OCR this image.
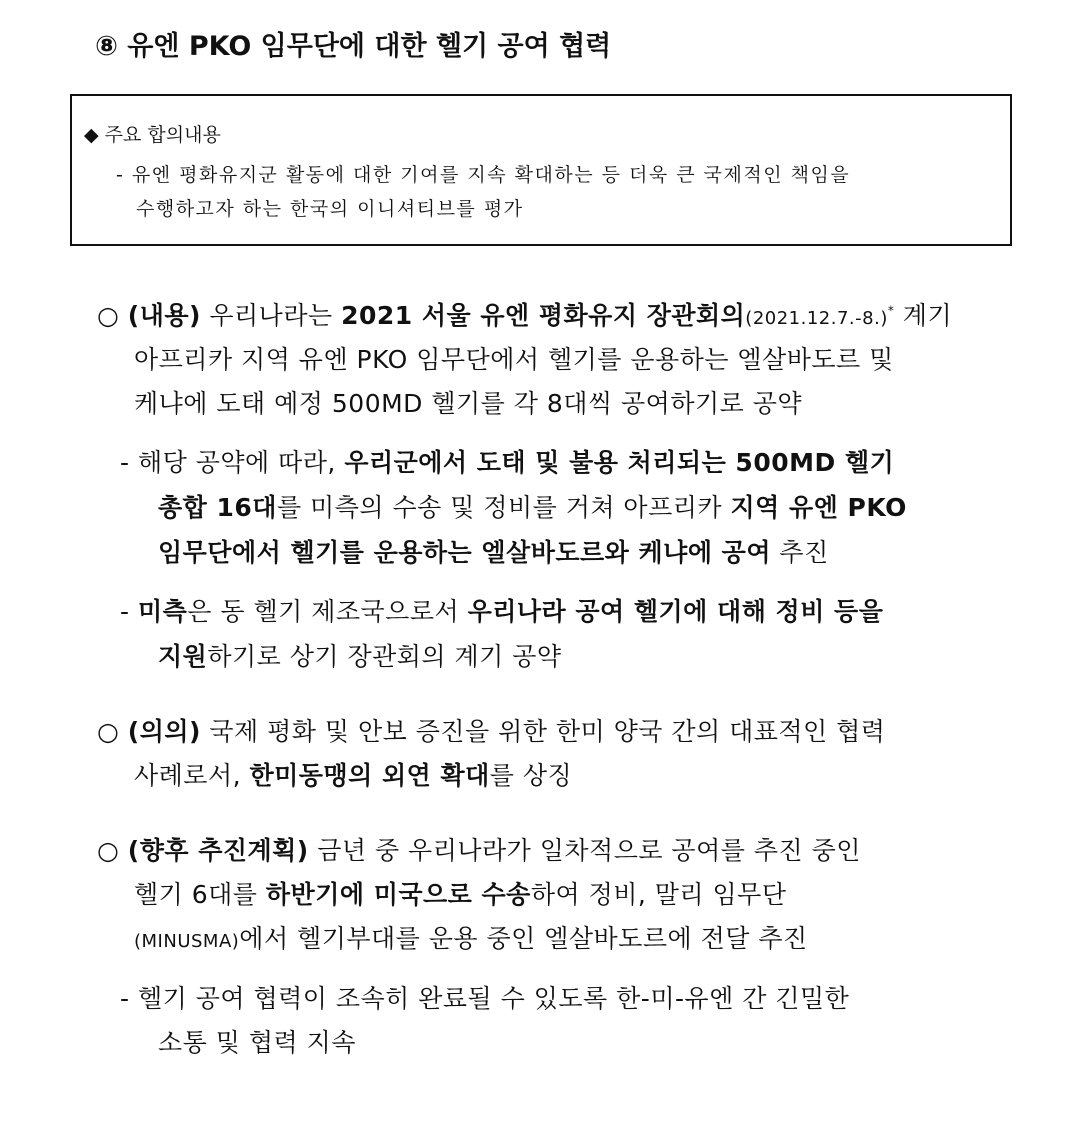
⑧ 유엔 PKO 임무단에 대한 헬기 공여 협력
◆ 주요 합의내용
- 유엔 평화유지군 활동에 대한 기여를 지속 확대하는 등 더욱 큰 국제적인 책임을
수행하고자 하는 한국의 이니셔티브를 평가
○ (내용) 우리나라는 2021 서울 유엔 평화유지 장관회의(2021.12.7.-8.)* 계기
아프리카 지역 유엔 PKO 임무단에서 헬기를 운용하는 엘살바도르 및
케냐에 도태 예정 500MD 헬기를 각 8대씩 공여하기로 공약
- 해당 공약에 따라, 우리군에서 도태 및 불용 처리되는 500MD 헬기
총합 16대를 미측의 수송 및 정비를 거쳐 아프리카 지역 유엔 PKO
임무단에서 헬기를 운용하는 엘살바도르와 케냐에 공여 추진
- 미측은 동 헬기 제조국으로서 우리나라 공여 헬기에 대해 정비 등을
지원하기로 상기 장관회의 계기 공약
○ (의의) 국제 평화 및 안보 증진을 위한 한미 양국 간의 대표적인 협력
사례로서, 한미동맹의 외연 확대를 상징
○ (향후 추진계획) 금년 중 우리나라가 일차적으로 공여를 추진 중인
헬기 6대를 하반기에 미국으로 수송하여 정비, 말리 임무단
(MINUSMA)에서 헬기부대를 운용 중인 엘살바도르에 전달 추진
- 헬기 공여 협력이 조속히 완료될 수 있도록 한-미-유엔 간 긴밀한
소통 및 협력 지속
